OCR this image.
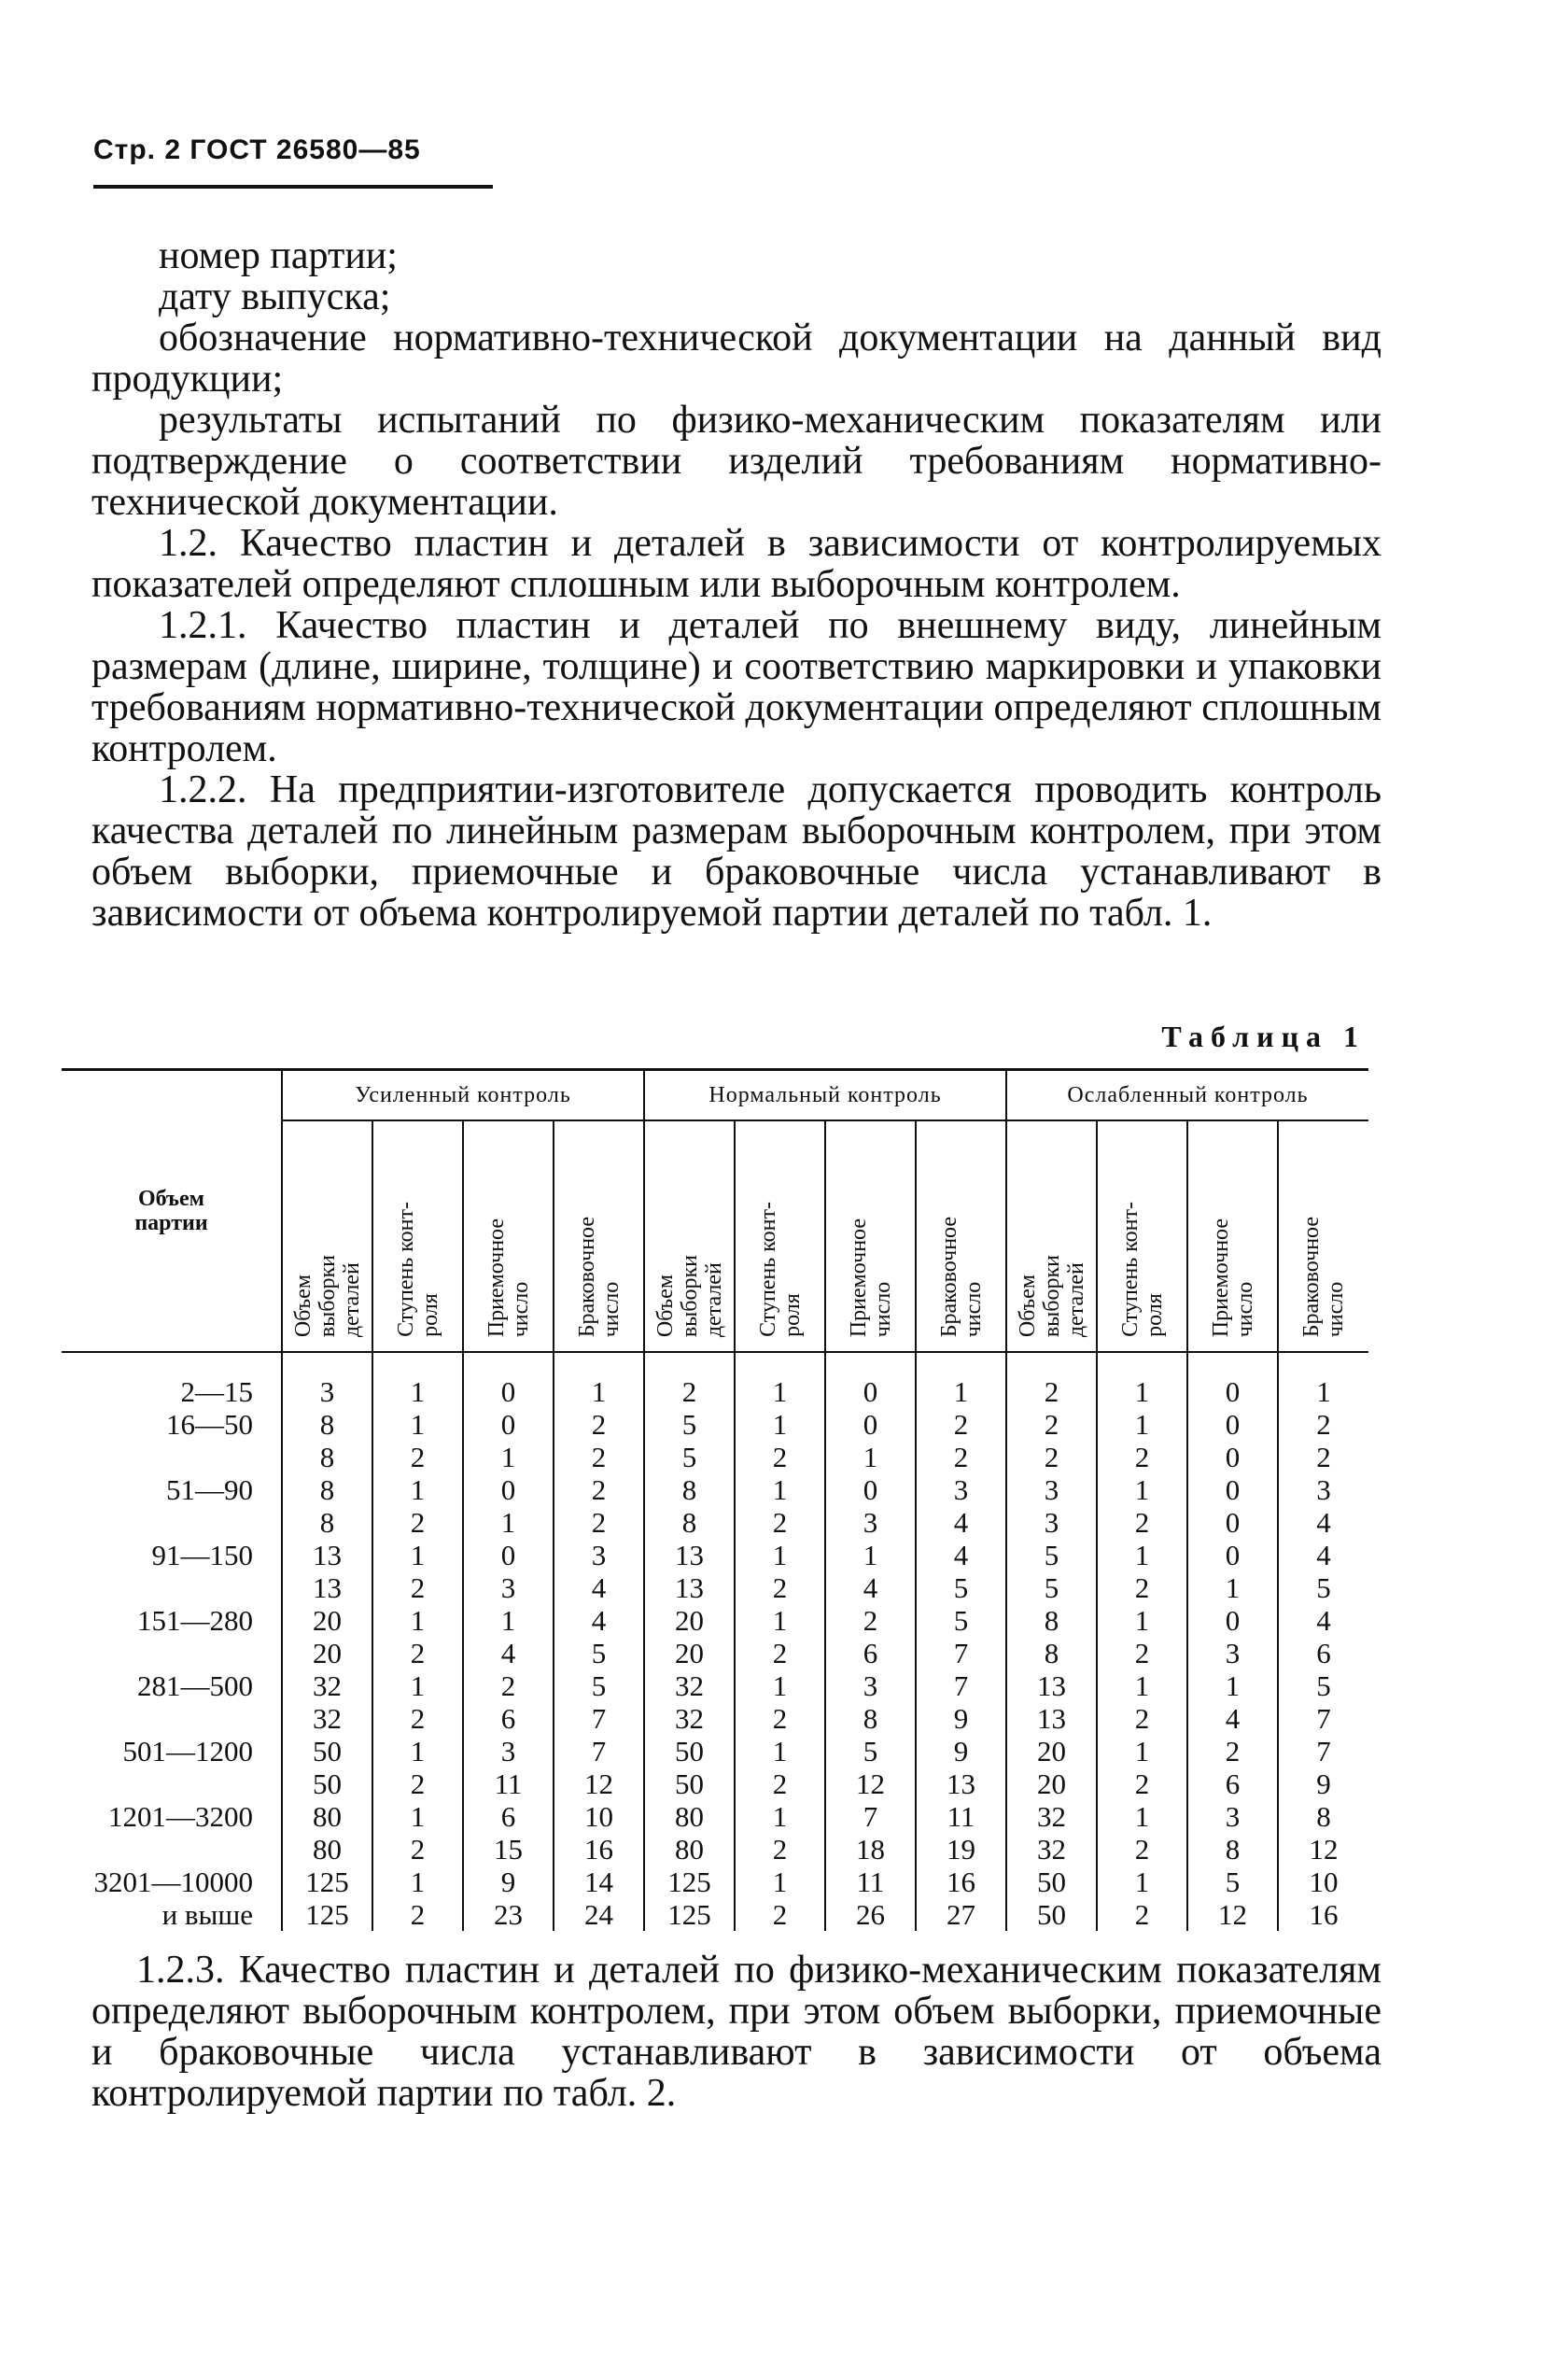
Стр. 2 ГОСТ 26580—85

номер партии;

дату выпуска;

обозначение нормативно-технической документации на данный вид продукции;

результаты испытаний по физико-механическим показателям или подтверждение о соответствии изделий требованиям нормативно-технической документации.

1.2. Качество пластин и деталей в зависимости от контролируемых показателей определяют сплошным или выборочным контролем.

1.2.1. Качество пластин и деталей по внешнему виду, линейным размерам (длине, ширине, толщине) и соответствию маркировки и упаковки требованиям нормативно-технической документации определяют сплошным контролем.

1.2.2. На предприятии-изготовителе допускается проводить контроль качества деталей по линейным размерам выборочным контролем, при этом объем выборки, приемочные и браковочные числа устанавливают в зависимости от объема контролируемой партии деталей по табл. 1.

Таблица 1
Объем
партии	Усиленный контроль				Нормальный контроль				Ослабленный контроль			
	Объем
выборки
деталей	Ступень конт-
роля	Приемочное
число	Браковочное
число	Объем
выборки
деталей	Ступень конт-
роля	Приемочное
число	Браковочное
число	Объем
выборки
деталей	Ступень конт-
роля	Приемочное
число	Браковочное
число
2—15	3	1	0	1	2	1	0	1	2	1	0	1
16—50	8	1	0	2	5	1	0	2	2	1	0	2
	8	2	1	2	5	2	1	2	2	2	0	2
51—90	8	1	0	2	8	1	0	3	3	1	0	3
	8	2	1	2	8	2	3	4	3	2	0	4
91—150	13	1	0	3	13	1	1	4	5	1	0	4
	13	2	3	4	13	2	4	5	5	2	1	5
151—280	20	1	1	4	20	1	2	5	8	1	0	4
	20	2	4	5	20	2	6	7	8	2	3	6
281—500	32	1	2	5	32	1	3	7	13	1	1	5
	32	2	6	7	32	2	8	9	13	2	4	7
501—1200	50	1	3	7	50	1	5	9	20	1	2	7
	50	2	11	12	50	2	12	13	20	2	6	9
1201—3200	80	1	6	10	80	1	7	11	32	1	3	8
	80	2	15	16	80	2	18	19	32	2	8	12
3201—10000	125	1	9	14	125	1	11	16	50	1	5	10
и выше	125	2	23	24	125	2	26	27	50	2	12	16

1.2.3. Качество пластин и деталей по физико-механическим показателям определяют выборочным контролем, при этом объем выборки, приемочные и браковочные числа устанавливают в зависимости от объема контролируемой партии по табл. 2.
